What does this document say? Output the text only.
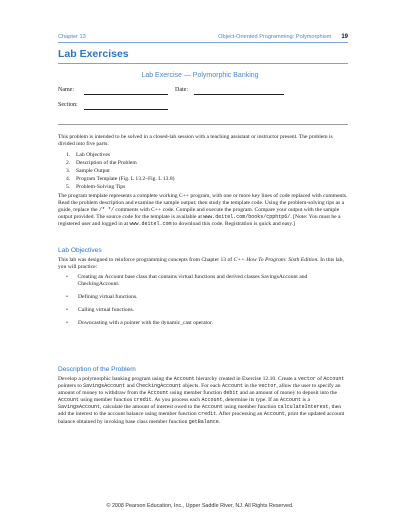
Chapter 13	Object-Oriented Programming: Polymorphism 19
Lab Exercises
Lab Exercise — Polymorphic Banking
Name:	Date:
Section:

This problem is intended to be solved in a closed-lab session with a teaching assistant or instructor present. The problem is divided into five parts:

1.	Lab Objectives
2.	Description of the Problem
3.	Sample Output
4.	Program Template (Fig. L 13.2–Fig. L 13.8)
5.	Problem-Solving Tips

The program template represents a complete working C++ program, with one or more key lines of code replaced with comments. Read the problem description and examine the sample output; then study the template code. Using the problem-solving tips as a guide, replace the /* */ comments with C++ code. Compile and execute the program. Compare your output with the sample output provided. The source code for the template is available at www.deitel.com/books/cpphtp6/. [Note: You must be a registered user and logged in at www.deitel.com to download this code. Registration is quick and easy.]

Lab Objectives

This lab was designed to reinforce programming concepts from Chapter 13 of C++ How To Program: Sixth Edition. In this lab, you will practice:

•	Creating an Account base class that contains virtual functions and derived classes SavingsAccount and CheckingAccount.
•	Defining virtual functions.
•	Calling virtual functions.
•	Downcasting with a pointer with the dynamic_cast operator.
Description of the Problem

Develop a polymorphic banking program using the Account hierarchy created in Exercise 12.10. Create a vector of Account pointers to SavingsAccount and CheckingAccount objects. For each Account in the vector, allow the user to specify an amount of money to withdraw from the Account using member function debit and an amount of money to deposit into the Account using member function credit. As you process each Account, determine its type. If an Account is a SavingsAccount, calculate the amount of interest owed to the Account using member function calculateInterest, then add the interest to the account balance using member function credit. After processing an Account, print the updated account balance obtained by invoking base class member function getBalance.

© 2008 Pearson Education, Inc., Upper Saddle River, NJ. All Rights Reserved.
